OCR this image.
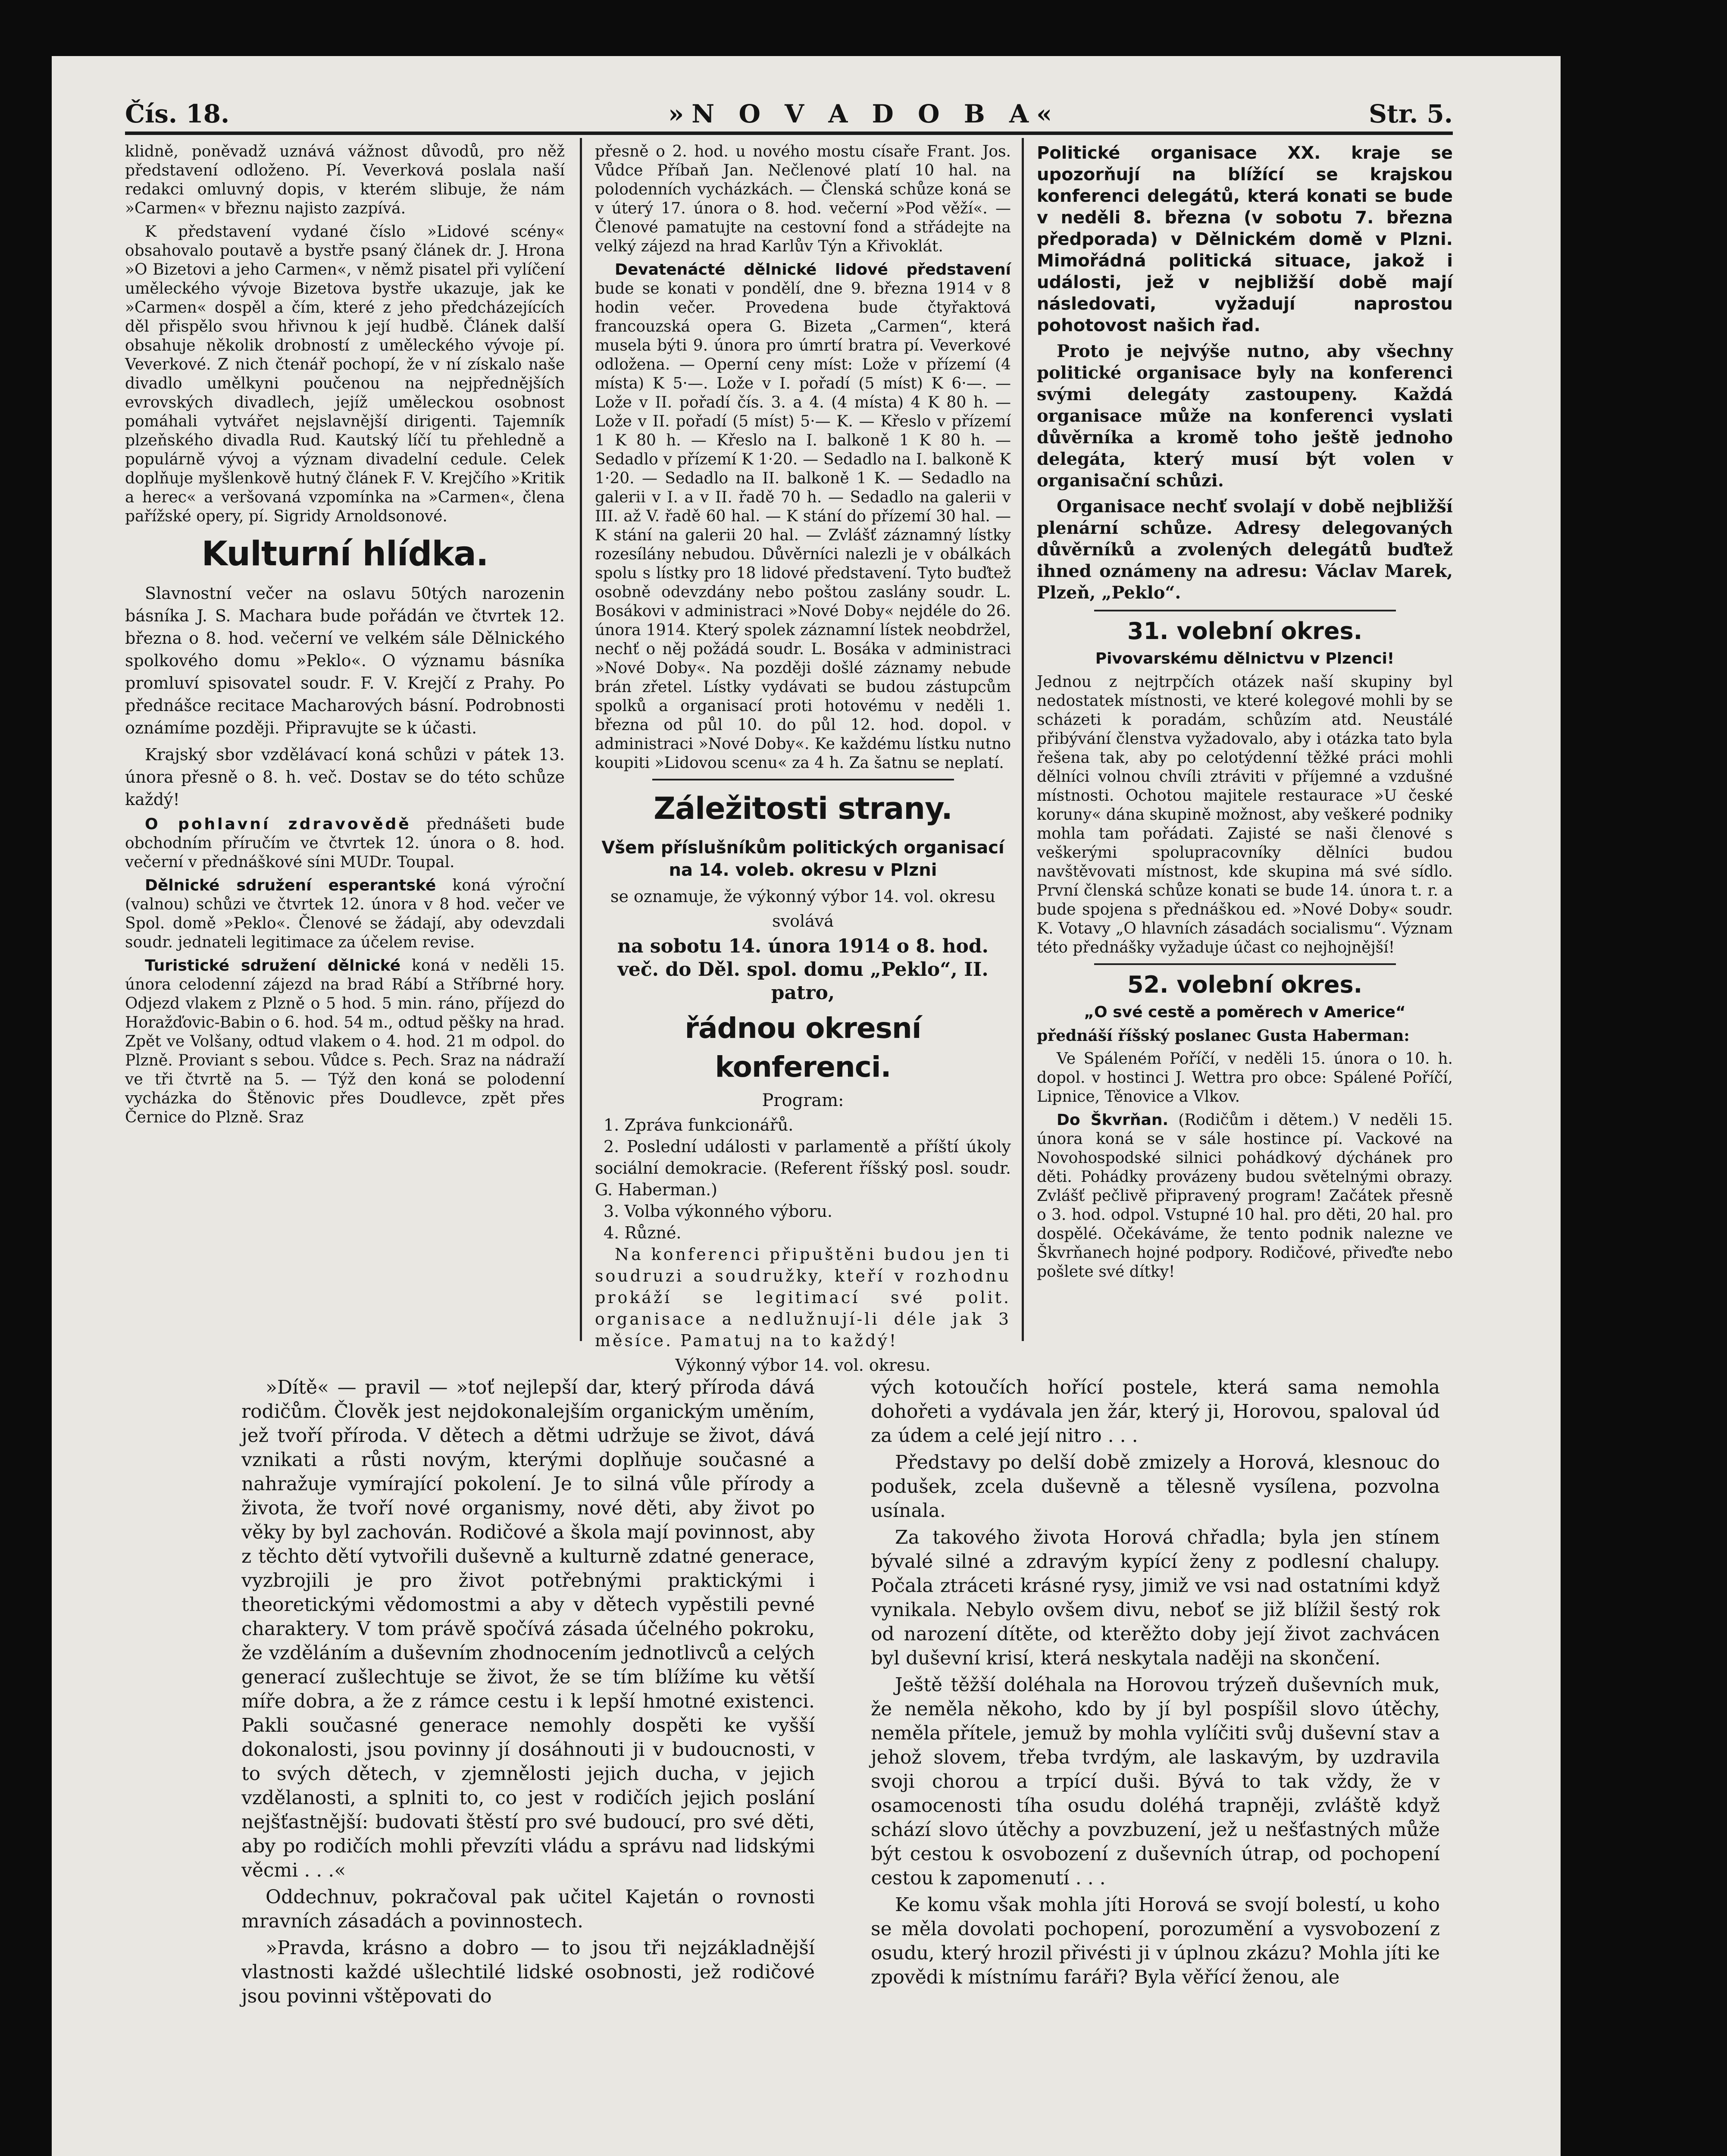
Čís. 18.	»N O V A D O B A«	Str. 5.

klidně, poněvadž uznává vážnost důvodů, pro něž představení odloženo. Pí. Veverková poslala naší redakci omluvný dopis, v kterém slibuje, že nám »Carmen« v březnu najisto zazpívá.

K představení vydané číslo »Lidové scény« obsahovalo poutavě a bystře psaný článek dr. J. Hrona »O Bizetovi a jeho Carmen«, v němž pisatel při vylíčení uměleckého vývoje Bizetova bystře ukazuje, jak ke »Carmen« dospěl a čím, které z jeho předcházejících děl přispělo svou hřivnou k její hudbě. Článek další obsahuje několik drobností z uměleckého vývoje pí. Veverkové. Z nich čtenář pochopí, že v ní získalo naše divadlo umělkyni poučenou na nejpřednějších evrovských divadlech, jejíž uměleckou osobnost pomáhali vytvářet nejslavnější dirigenti. Tajemník plzeňského divadla Rud. Kautský líčí tu přehledně a populárně vývoj a význam divadelní cedule. Celek doplňuje myšlenkově hutný článek F. V. Krejčího »Kritik a herec« a veršovaná vzpomínka na »Carmen«, člena pařížské opery, pí. Sigridy Arnoldsonové.

Kulturní hlídka.

Slavnostní večer na oslavu 50tých narozenin básníka J. S. Machara bude pořádán ve čtvrtek 12. března o 8. hod. večerní ve velkém sále Dělnického spolkového domu »Peklo«. O významu básníka promluví spisovatel soudr. F. V. Krejčí z Prahy. Po přednášce recitace Macharových básní. Podrobnosti oznámíme později. Připravujte se k účasti.

Krajský sbor vzdělávací koná schůzi v pátek 13. února přesně o 8. h. več. Dostav se do této schůze každý!

O pohlavní zdravovědě přednášeti bude obchodním příručím ve čtvrtek 12. února o 8. hod. večerní v přednáškové síni MUDr. Toupal.

Dělnické sdružení esperantské koná výroční (valnou) schůzi ve čtvrtek 12. února v 8 hod. večer ve Spol. domě »Peklo«. Členové se žádají, aby odevzdali soudr. jednateli legitimace za účelem revise.

Turistické sdružení dělnické koná v neděli 15. února celodenní zájezd na brad Rábí a Stříbrné hory. Odjezd vlakem z Plzně o 5 hod. 5 min. ráno, příjezd do Horažďovic-Babin o 6. hod. 54 m., odtud pěšky na hrad. Zpět ve Volšany, odtud vlakem o 4. hod. 21 m odpol. do Plzně. Proviant s sebou. Vůdce s. Pech. Sraz na nádraží ve tři čtvrtě na 5. — Týž den koná se polodenní vycházka do Štěnovic přes Doudlevce, zpět přes Černice do Plzně. Sraz

přesně o 2. hod. u nového mostu císaře Frant. Jos. Vůdce Příbaň Jan. Nečlenové platí 10 hal. na polodenních vycházkách. — Členská schůze koná se v úterý 17. února o 8. hod. večerní »Pod věží«. — Členové pamatujte na cestovní fond a střádejte na velký zájezd na hrad Karlův Týn a Křivoklát.

Devatenácté dělnické lidové představení bude se konati v pondělí, dne 9. března 1914 v 8 hodin večer. Provedena bude čtyřaktová francouzská opera G. Bizeta „Carmen“, která musela býti 9. února pro úmrtí bratra pí. Veverkové odložena. — Operní ceny míst: Lože v přízemí (4 místa) K 5·—. Lože v I. pořadí (5 míst) K 6·—. — Lože v II. pořadí čís. 3. a 4. (4 místa) 4 K 80 h. — Lože v II. pořadí (5 míst) 5·— K. — Křeslo v přízemí 1 K 80 h. — Křeslo na I. balkoně 1 K 80 h. — Sedadlo v přízemí K 1·20. — Sedadlo na I. balkoně K 1·20. — Sedadlo na II. balkoně 1 K. — Sedadlo na galerii v I. a v II. řadě 70 h. — Sedadlo na galerii v III. až V. řadě 60 hal. — K stání do přízemí 30 hal. — K stání na galerii 20 hal. — Zvlášť záznamný lístky rozesílány nebudou. Důvěrníci nalezli je v obálkách spolu s lístky pro 18 lidové představení. Tyto buďtež osobně odevzdány nebo poštou zaslány soudr. L. Bosákovi v administraci »Nové Doby« nejdéle do 26. února 1914. Který spolek záznamní lístek neobdržel, nechť o něj požádá soudr. L. Bosáka v administraci »Nové Doby«. Na později došlé záznamy nebude brán zřetel. Lístky vydávati se budou zástupcům spolků a organisací proti hotovému v neděli 1. března od půl 10. do půl 12. hod. dopol. v administraci »Nové Doby«. Ke každému lístku nutno koupiti »Lidovou scenu« za 4 h. Za šatnu se neplatí.

Záležitosti strany.

Všem příslušníkům politických organisací na 14. voleb. okresu v Plzni

se oznamuje, že výkonný výbor 14. vol. okresu

svolává

na sobotu 14. února 1914 o 8. hod. več. do Děl. spol. domu „Peklo“, II. patro,

řádnou okresní konferenci.

Program:

1. Zpráva funkcionářů.

2. Poslední události v parlamentě a příští úkoly sociální demokracie. (Referent říšský posl. soudr. G. Haberman.)

3. Volba výkonného výboru.

4. Různé.

Na konferenci připuštěni budou jen ti soudruzi a soudružky, kteří v rozhodnu prokáží se legitimací své polit. organisace a nedlužnují-li déle jak 3 měsíce. Pamatuj na to každý!

Výkonný výbor 14. vol. okresu.

Politické organisace XX. kraje se upozorňují na blížící se krajskou konferenci delegátů, která konati se bude v neděli 8. března (v sobotu 7. března předporada) v Dělnickém domě v Plzni. Mimořádná politická situace, jakož i události, jež v nejbližší době mají následovati, vyžadují naprostou pohotovost našich řad.

Proto je nejvýše nutno, aby všechny politické organisace byly na konferenci svými delegáty zastoupeny. Každá organisace může na konferenci vyslati důvěrníka a kromě toho ještě jednoho delegáta, který musí být volen v organisační schůzi.

Organisace nechť svolají v době nejbližší plenární schůze. Adresy delegovaných důvěrníků a zvolených delegátů buďtež ihned oznámeny na adresu: Václav Marek, Plzeň, „Peklo“.

31. volební okres.

Pivovarskému dělnictvu v Plzenci!

Jednou z nejtrpčích otázek naší skupiny byl nedostatek místnosti, ve které kolegové mohli by se scházeti k poradám, schůzím atd. Neustálé přibývání členstva vyžadovalo, aby i otázka tato byla řešena tak, aby po celotýdenní těžké práci mohli dělníci volnou chvíli ztráviti v příjemné a vzdušné místnosti. Ochotou majitele restaurace »U české koruny« dána skupině možnost, aby veškeré podniky mohla tam pořádati. Zajisté se naši členové s veškerými spolupracovníky dělníci budou navštěvovati místnost, kde skupina má své sídlo. První členská schůze konati se bude 14. února t. r. a bude spojena s přednáškou ed. »Nové Doby« soudr. K. Votavy „O hlavních zásadách socialismu“. Význam této přednášky vyžaduje účast co nejhojnější!

52. volební okres.

„O své cestě a poměrech v Americe“

přednáší říšský poslanec Gusta Haberman:

Ve Spáleném Poříčí, v neděli 15. února o 10. h. dopol. v hostinci J. Wettra pro obce: Spálené Poříčí, Lipnice, Těnovice a Vlkov.

Do Škvrňan. (Rodičům i dětem.) V neděli 15. února koná se v sále hostince pí. Vackové na Novohospodské silnici pohádkový dýchánek pro děti. Pohádky provázeny budou světelnými obrazy. Zvlášť pečlivě připravený program! Začátek přesně o 3. hod. odpol. Vstupné 10 hal. pro děti, 20 hal. pro dospělé. Očekáváme, že tento podnik nalezne ve Škvrňanech hojné podpory. Rodičové, přiveďte nebo pošlete své dítky!

»Dítě« — pravil — »toť nejlepší dar, který příroda dává rodičům. Člověk jest nejdokonalejším organickým uměním, jež tvoří příroda. V dětech a dětmi udržuje se život, dává vznikati a růsti novým, kterými doplňuje současné a nahražuje vymírající pokolení. Je to silná vůle přírody a života, že tvoří nové organismy, nové děti, aby život po věky by byl zachován. Rodičové a škola mají povinnost, aby z těchto dětí vytvořili duševně a kulturně zdatné generace, vyzbrojili je pro život potřebnými praktickými i theoretickými vědomostmi a aby v dětech vypěstili pevné charaktery. V tom právě spočívá zásada účelného pokroku, že vzděláním a duševním zhodnocením jednotlivců a celých generací zušlechtuje se život, že se tím blížíme ku větší míře dobra, a že z rámce cestu i k lepší hmotné existenci. Pakli současné generace nemohly dospěti ke vyšší dokonalosti, jsou povinny jí dosáhnouti ji v budoucnosti, v to svých dětech, v zjemnělosti jejich ducha, v jejich vzdělanosti, a splniti to, co jest v rodičích jejich poslání nejšťastnější: budovati štěstí pro své budoucí, pro své děti, aby po rodičích mohli převzíti vládu a správu nad lidskými věcmi . . .«

Oddechnuv, pokračoval pak učitel Kajetán o rovnosti mravních zásadách a povinnostech.

»Pravda, krásno a dobro — to jsou tři nejzákladnější vlastnosti každé ušlechtilé lidské osobnosti, jež rodičové jsou povinni vštěpovati do

vých kotoučích hořící postele, která sama nemohla dohořeti a vydávala jen žár, který ji, Horovou, spaloval úd za údem a celé její nitro . . .

Představy po delší době zmizely a Horová, klesnouc do podušek, zcela duševně a tělesně vysílena, pozvolna usínala.

Za takového života Horová chřadla; byla jen stínem bývalé silné a zdravým kypící ženy z podlesní chalupy. Počala ztráceti krásné rysy, jimiž ve vsi nad ostatními když vynikala. Nebylo ovšem divu, neboť se již blížil šestý rok od narození dítěte, od kterěžto doby její život zachvácen byl duševní krisí, která neskytala naději na skončení.

Ještě těžší doléhala na Horovou trýzeň duševních muk, že neměla někoho, kdo by jí byl pospíšil slovo útěchy, neměla přítele, jemuž by mohla vylíčiti svůj duševní stav a jehož slovem, třeba tvrdým, ale laskavým, by uzdravila svoji chorou a trpící duši. Bývá to tak vždy, že v osamocenosti tíha osudu doléhá trapněji, zvláště když schází slovo útěchy a povzbuzení, jež u nešťastných může být cestou k osvobození z duševních útrap, od pochopení cestou k zapomenutí . . .

Ke komu však mohla jíti Horová se svojí bolestí, u koho se měla dovolati pochopení, porozumění a vysvobození z osudu, který hrozil přivésti ji v úplnou zkázu? Mohla jíti ke zpovědi k místnímu faráři? Byla věřící ženou, ale
